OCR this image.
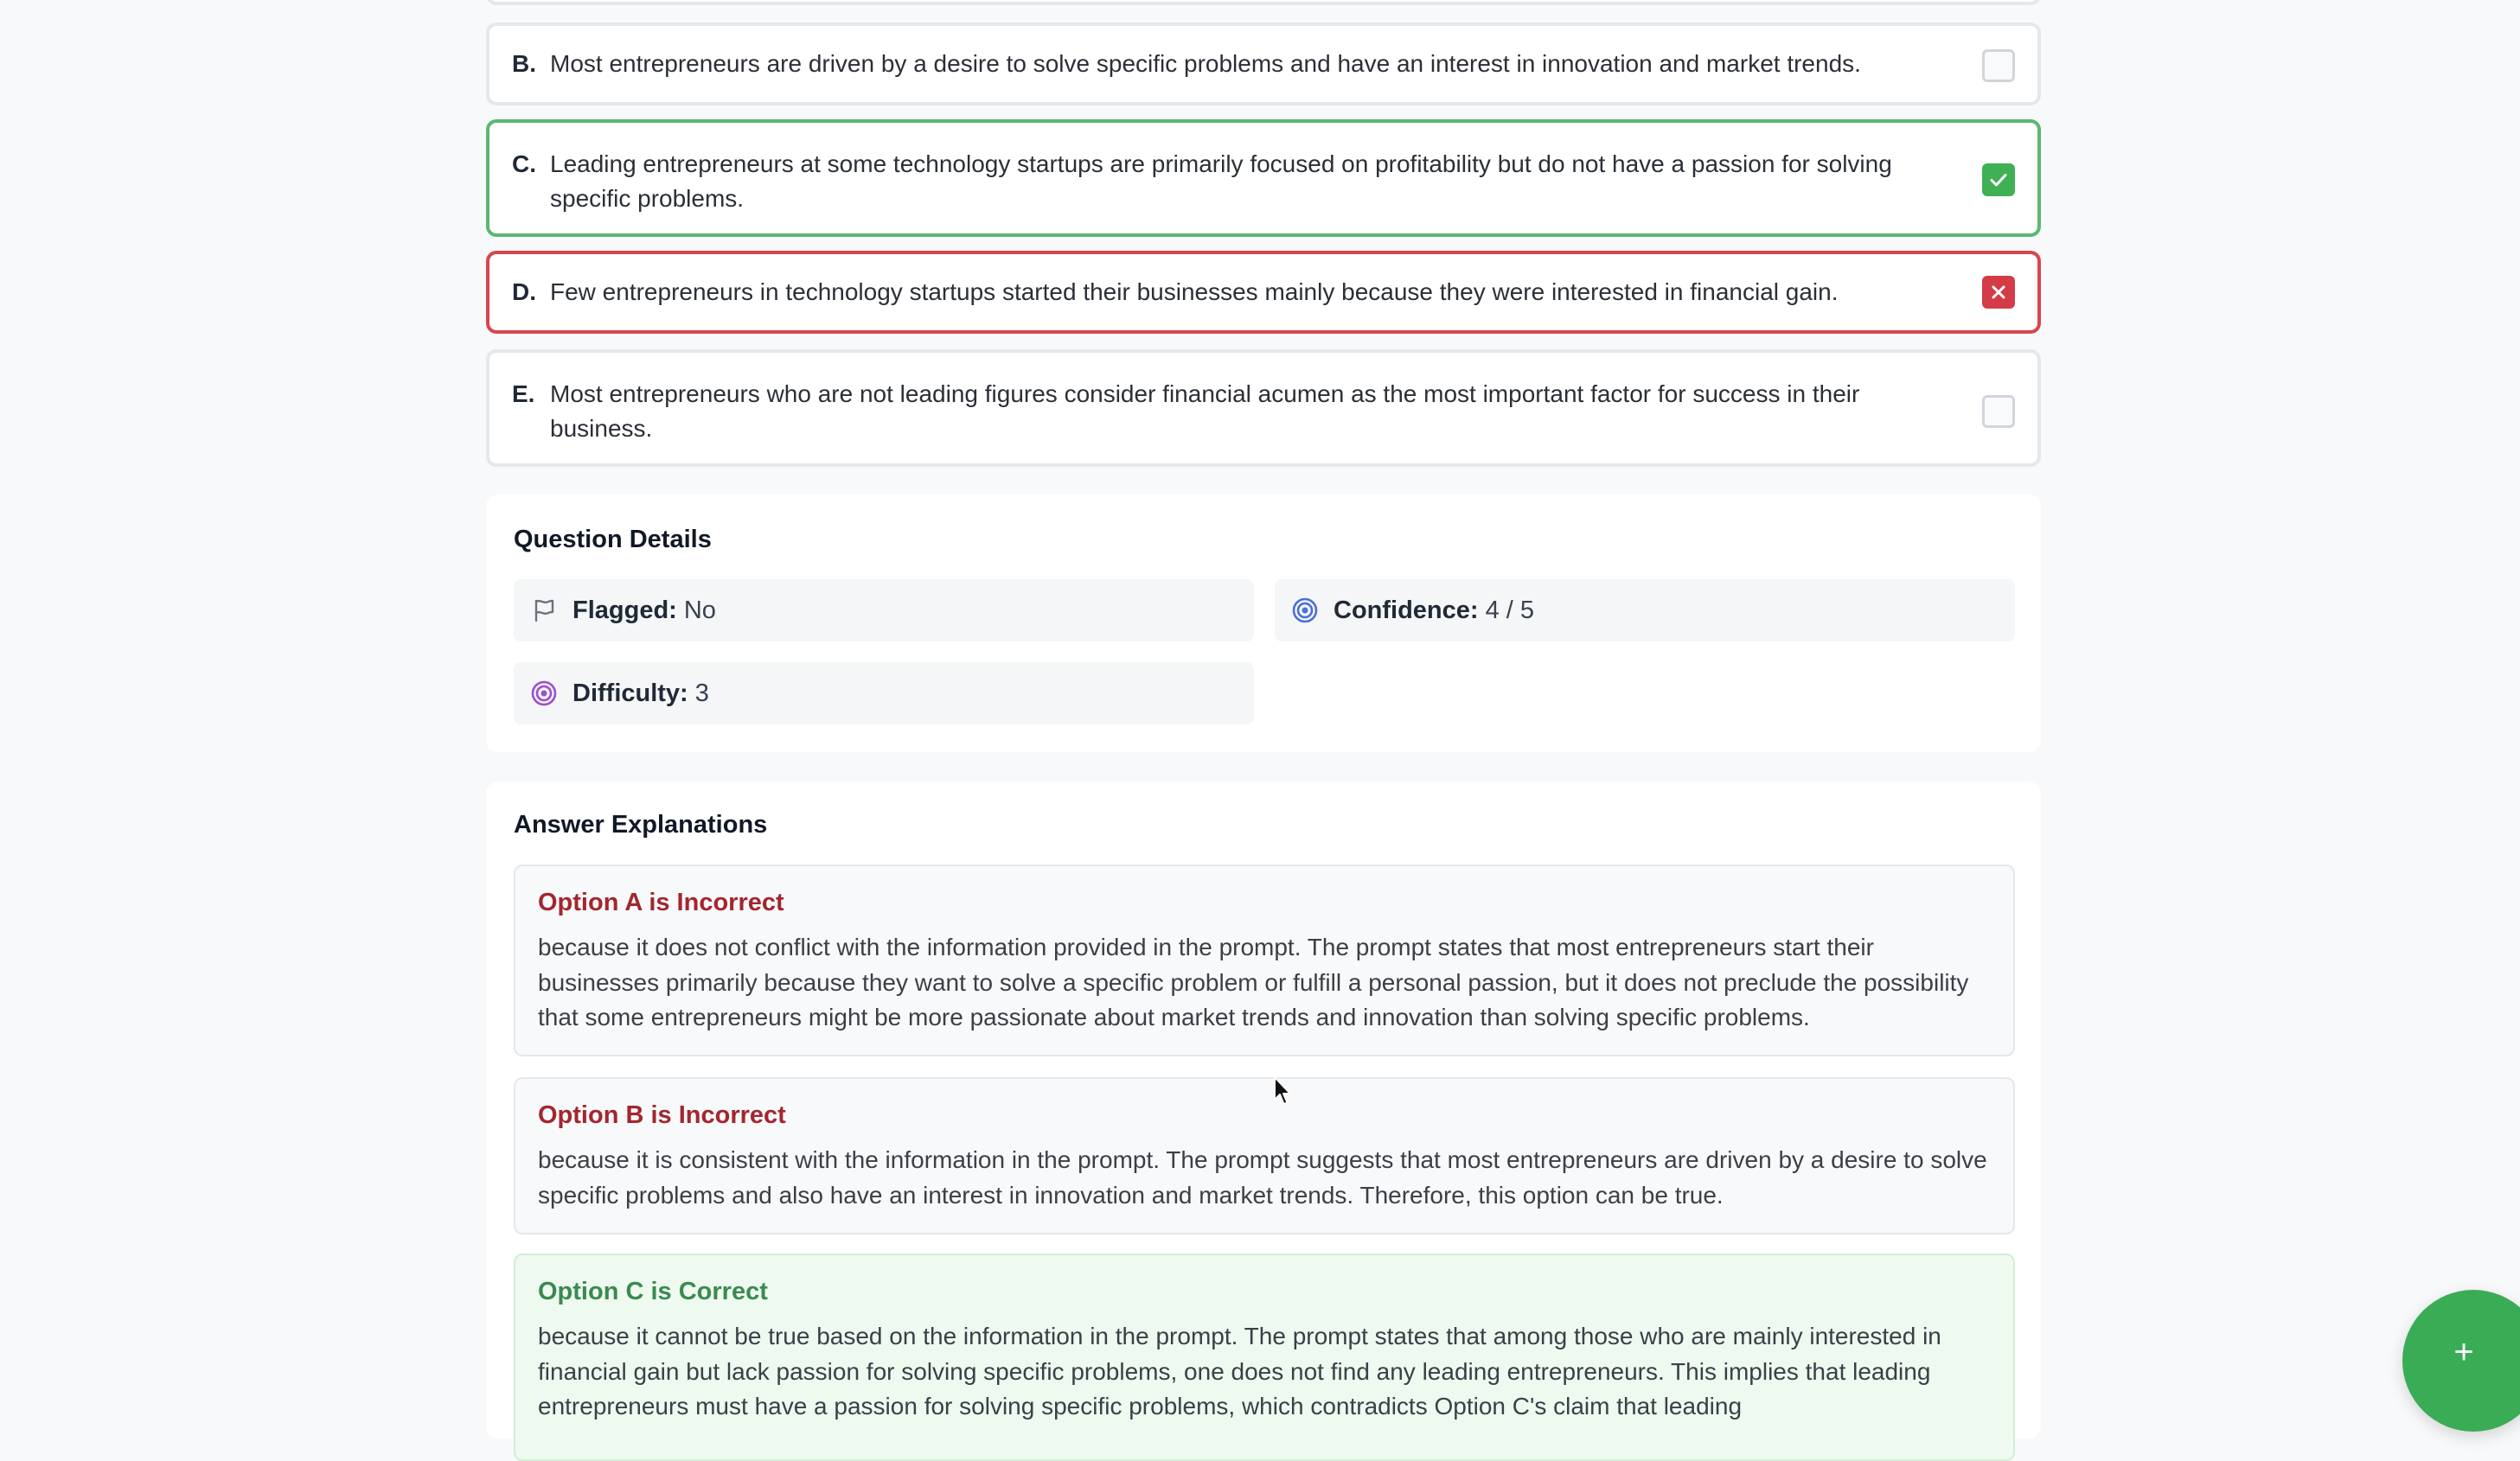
B. Most entrepreneurs are driven by a desire to solve specific problems and have an interest in innovation and market trends.
C. Leading entrepreneurs at some technology startups are primarily focused on profitability but do not have a passion for solving specific problems.
D. Few entrepreneurs in technology startups started their businesses mainly because they were interested in financial gain.
E. Most entrepreneurs who are not leading figures consider financial acumen as the most important factor for success in their business.
Question Details
Flagged: No	Confidence: 4 / 5
Difficulty: 3
Answer Explanations
Option A is Incorrect
because it does not conflict with the information provided in the prompt. The prompt states that most entrepreneurs start their businesses primarily because they want to solve a specific problem or fulfill a personal passion, but it does not preclude the possibility that some entrepreneurs might be more passionate about market trends and innovation than solving specific problems.
Option B is Incorrect
because it is consistent with the information in the prompt. The prompt suggests that most entrepreneurs are driven by a desire to solve specific problems and also have an interest in innovation and market trends. Therefore, this option can be true.
Option C is Correct
because it cannot be true based on the information in the prompt. The prompt states that among those who are mainly interested in financial gain but lack passion for solving specific problems, one does not find any leading entrepreneurs. This implies that leading entrepreneurs must have a passion for solving specific problems, which contradicts Option C's claim that leading
+
